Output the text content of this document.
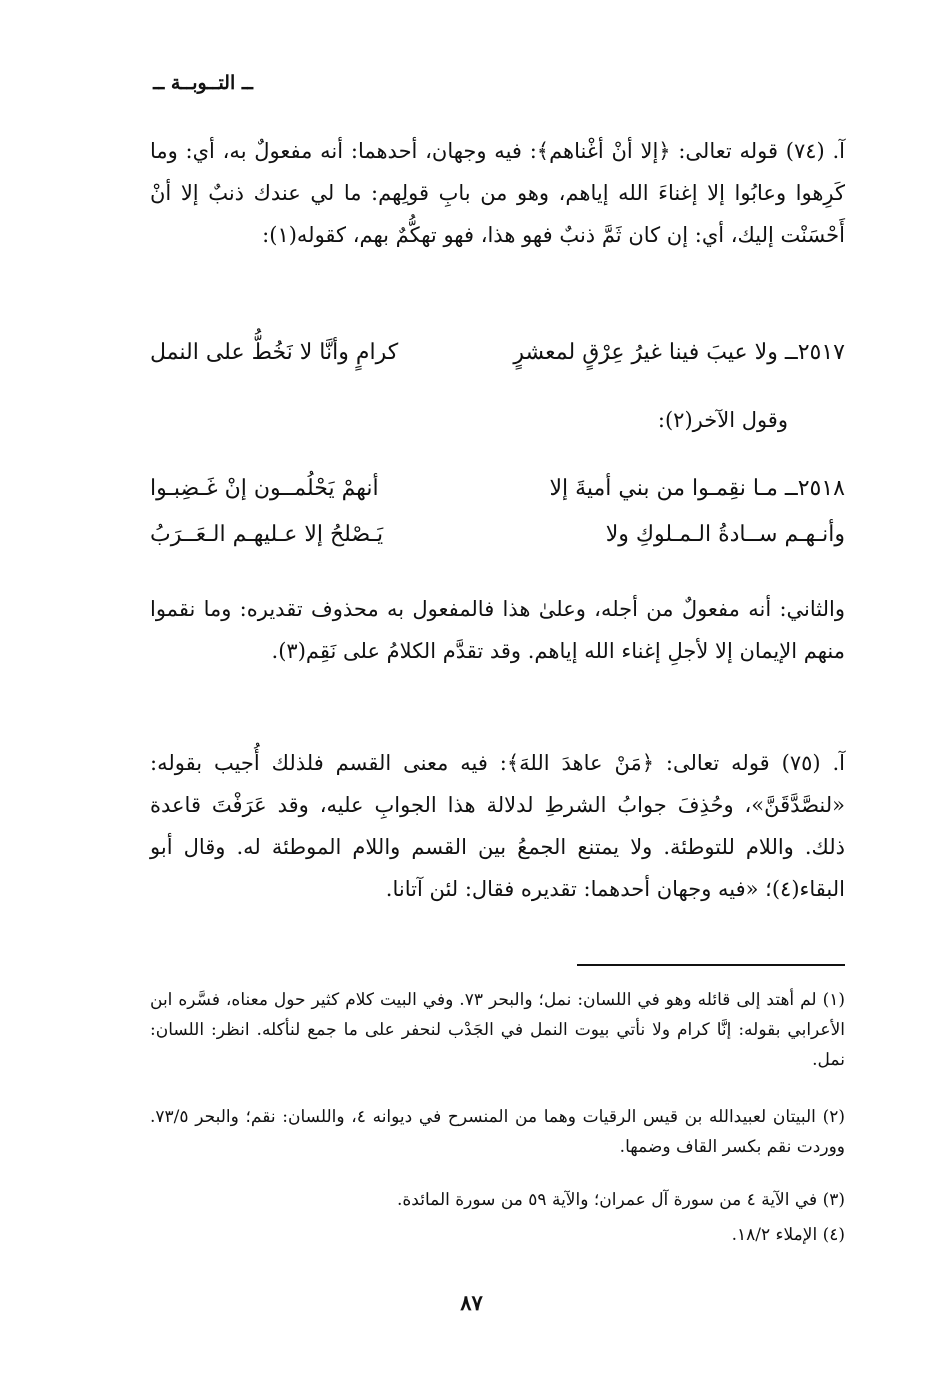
ــ التــوبــة ــ
آ. (٧٤) قوله تعالى: ﴿إلا أنْ أغْناهم﴾: فيه وجهان، أحدهما: أنه مفعولٌ به، أي: وما كَرِهوا وعابُوا إلا إغناءَ الله إياهم، وهو من بابِ قولِهم: ما لي عندك ذنبٌ إلا أنْ أَحْسَنْت إليك، أي: إن كان ثَمَّ ذنبٌ فهو هذا، فهو تهكُّمٌ بهم، كقوله(١):
٢٥١٧ــ ولا عيبَ فينا غيرُ عِرْقٍ لمعشرٍ
كرامٍ وأنَّا لا نَخُطُّ على النمل
وقول الآخر(٢):
٢٥١٨ــ مـا نقِمـوا من بني أميةَ إلا
أنهمْ يَحْلُمــون إنْ غَـضِبـوا
وأنـهـم ســادةُ الـمـلوكِ ولا
يَـصْلحُ إلا عـليهـم الـعَــرَبُ
والثاني: أنه مفعولٌ من أجله، وعلىٰ هذا فالمفعول به محذوف تقديره: وما نقموا منهم الإيمان إلا لأجلِ إغناء الله إياهم. وقد تقدَّم الكلامُ على نَقِم(٣).
آ. (٧٥) قوله تعالى: ﴿مَنْ عاهدَ اللهَ﴾: فيه معنى القسم فلذلك أُجيب بقوله: «لنصَّدَّقَنَّ»، وحُذِفَ جوابُ الشرطِ لدلالة هذا الجوابِ عليه، وقد عَرَفْتَ قاعدة ذلك. واللام للتوطئة. ولا يمتنع الجمعُ بين القسم واللام الموطئة له. وقال أبو البقاء(٤)؛ «فيه وجهان أحدهما: تقديره فقال: لئن آتانا.
(١) لم أهتد إلى قائله وهو في اللسان: نمل؛ والبحر ٧٣. وفي البيت كلام كثير حول معناه، فسَّره ابن الأعرابي بقوله: إنَّا كرام ولا نأتي بيوت النمل في الجَدْب لنحفر على ما جمع لنأكله. انظر: اللسان: نمل.
(٢) البيتان لعبيدالله بن قيس الرقيات وهما من المنسرح في ديوانه ٤، واللسان: نقم؛ والبحر ٧٣/٥. ووردت نقم بكسر القاف وضمها.
(٣) في الآية ٤ من سورة آل عمران؛ والآية ٥٩ من سورة المائدة.
(٤) الإملاء ١٨/٢.
٨٧
